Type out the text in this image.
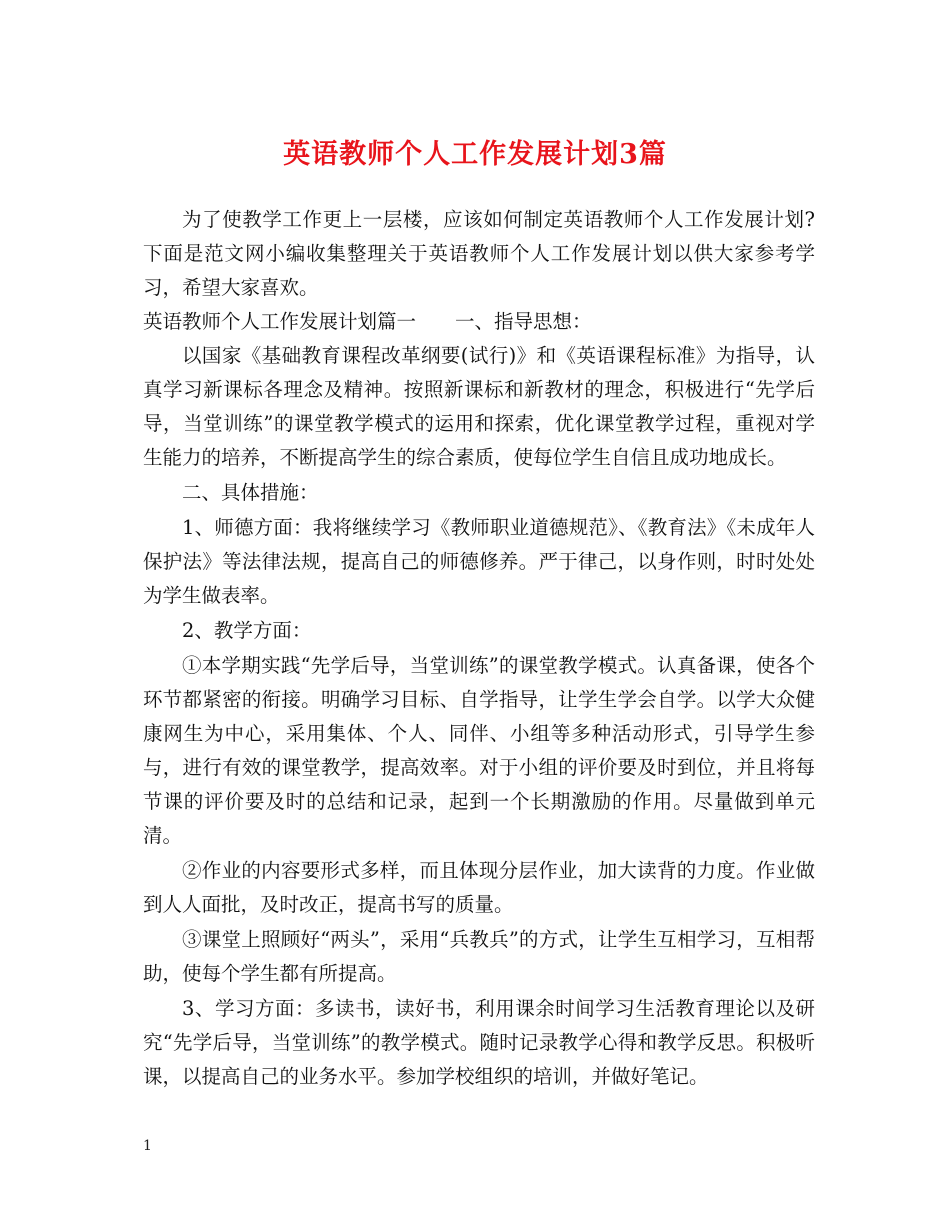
英语教师个人工作发展计划3篇

为了使教学工作更上一层楼，应该如何制定英语教师个人工作发展计划?下面是范文网小编收集整理关于英语教师个人工作发展计划以供大家参考学习，希望大家喜欢。

英语教师个人工作发展计划篇一　　一、指导思想：

以国家《基础教育课程改革纲要(试行)》和《英语课程标准》为指导，认真学习新课标各理念及精神。按照新课标和新教材的理念，积极进行“先学后导，当堂训练”的课堂教学模式的运用和探索，优化课堂教学过程，重视对学生能力的培养，不断提高学生的综合素质，使每位学生自信且成功地成长。

二、具体措施：

1、师德方面：我将继续学习《教师职业道德规范》、《教育法》《未成年人保护法》等法律法规，提高自己的师德修养。严于律己，以身作则，时时处处为学生做表率。

2、教学方面：

①本学期实践“先学后导，当堂训练”的课堂教学模式。认真备课，使各个环节都紧密的衔接。明确学习目标、自学指导，让学生学会自学。以学大众健康网生为中心，采用集体、个人、同伴、小组等多种活动形式，引导学生参与，进行有效的课堂教学，提高效率。对于小组的评价要及时到位，并且将每节课的评价要及时的总结和记录，起到一个长期激励的作用。尽量做到单元清。

②作业的内容要形式多样，而且体现分层作业，加大读背的力度。作业做到人人面批，及时改正，提高书写的质量。

③课堂上照顾好“两头”，采用“兵教兵”的方式，让学生互相学习，互相帮助，使每个学生都有所提高。

3、学习方面：多读书，读好书，利用课余时间学习生活教育理论以及研究“先学后导，当堂训练”的教学模式。随时记录教学心得和教学反思。积极听课，以提高自己的业务水平。参加学校组织的培训，并做好笔记。

1
